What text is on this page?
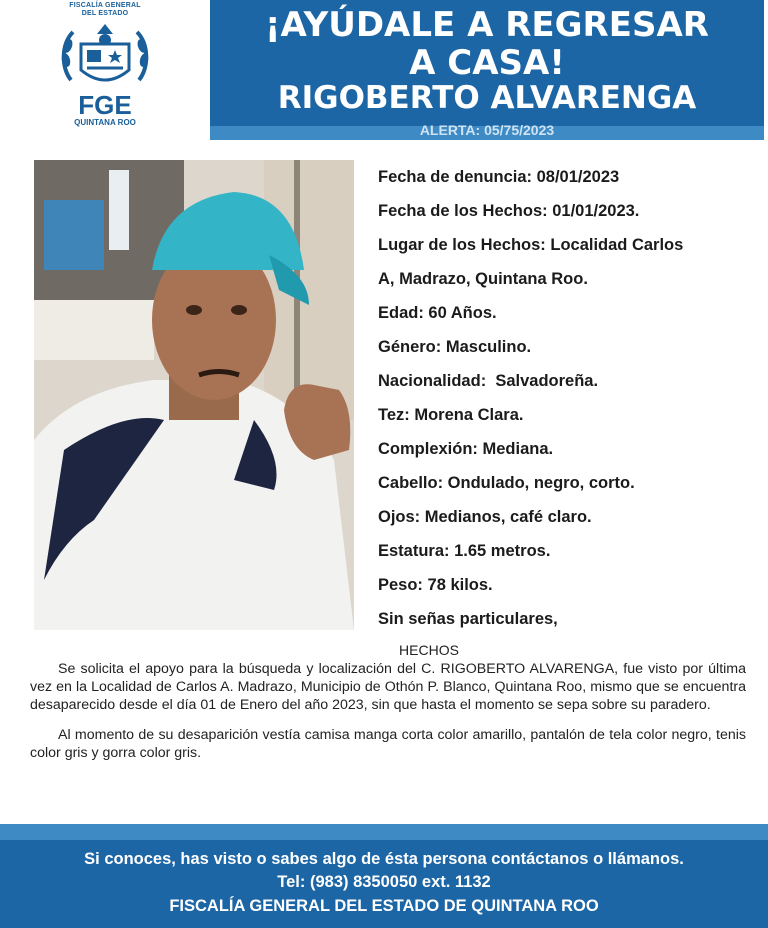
FISCALÍA GENERAL
DEL ESTADO
FGE
QUINTANA ROO
¡AYÚDALE A REGRESAR
A CASA!
RIGOBERTO ALVARENGA
ALERTA: 05/75/2023
Fecha de denuncia: 08/01/2023
Fecha de los Hechos: 01/01/2023.
Lugar de los Hechos: Localidad Carlos
A, Madrazo, Quintana Roo.
Edad: 60 Años.
Género: Masculino.
Nacionalidad:  Salvadoreña.
Tez: Morena Clara.
Complexión: Mediana.
Cabello: Ondulado, negro, corto.
Ojos: Medianos, café claro.
Estatura: 1.65 metros.
Peso: 78 kilos.
Sin señas particulares,
HECHOS

Se solicita el apoyo para la búsqueda y localización del C. RIGOBERTO ALVARENGA, fue visto por última vez en la Localidad de Carlos A. Madrazo, Municipio de Othón P. Blanco, Quintana Roo, mismo que se encuentra desaparecido desde el día 01 de Enero del año 2023, sin que hasta el momento se sepa sobre su paradero.

Al momento de su desaparición vestía camisa manga corta color amarillo, pantalón de tela color negro, tenis color gris y gorra color gris.

Si conoces, has visto o sabes algo de ésta persona contáctanos o llámanos.
Tel: (983) 8350050 ext. 1132
FISCALÍA GENERAL DEL ESTADO DE QUINTANA ROO
